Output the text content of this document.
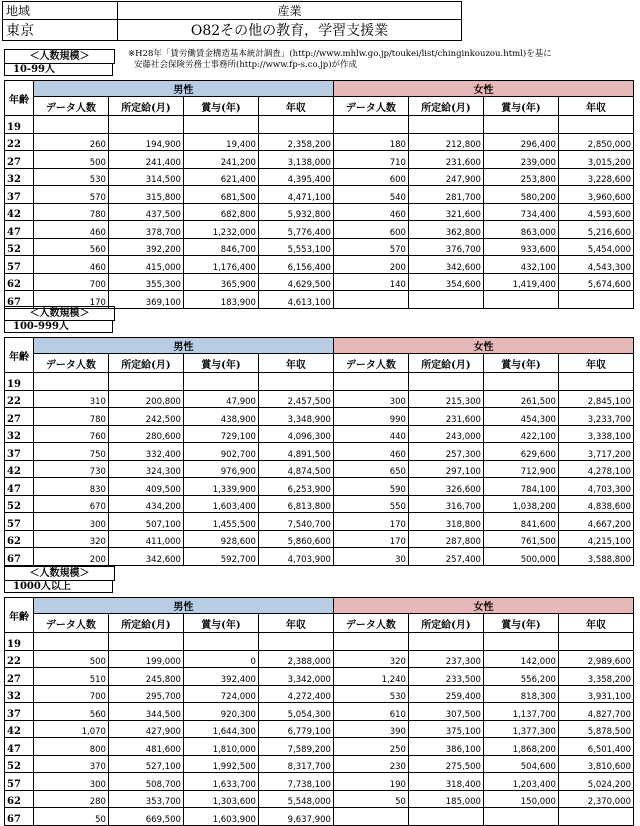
地域	産業
東京	O82その他の教育，学習支援業
※H28年「賃労働賃金構造基本統計調査」(http://www.mhlw.go.jp/toukei/list/chinginkouzou.html)を基に
安藤社会保険労務士事務所(http://www.fp-s.co.jp)が作成
＜人数規模＞
10-99人
年齢	男性				女性			
	データ人数	所定給(月)	賞与(年)	年収	データ人数	所定給(月)	賞与(年)	年収
19								
22	260	194,900	19,400	2,358,200	180	212,800	296,400	2,850,000
27	500	241,400	241,200	3,138,000	710	231,600	239,000	3,015,200
32	530	314,500	621,400	4,395,400	600	247,900	253,800	3,228,600
37	570	315,800	681,500	4,471,100	540	281,700	580,200	3,960,600
42	780	437,500	682,800	5,932,800	460	321,600	734,400	4,593,600
47	460	378,700	1,232,000	5,776,400	600	362,800	863,000	5,216,600
52	560	392,200	846,700	5,553,100	570	376,700	933,600	5,454,000
57	460	415,000	1,176,400	6,156,400	200	342,600	432,100	4,543,300
62	700	355,300	365,900	4,629,500	140	354,600	1,419,400	5,674,600
67	170	369,100	183,900	4,613,100				
＜人数規模＞
100-999人
年齢	男性				女性			
	データ人数	所定給(月)	賞与(年)	年収	データ人数	所定給(月)	賞与(年)	年収
19								
22	310	200,800	47,900	2,457,500	300	215,300	261,500	2,845,100
27	780	242,500	438,900	3,348,900	990	231,600	454,300	3,233,700
32	760	280,600	729,100	4,096,300	440	243,000	422,100	3,338,100
37	750	332,400	902,700	4,891,500	460	257,300	629,600	3,717,200
42	730	324,300	976,900	4,874,500	650	297,100	712,900	4,278,100
47	830	409,500	1,339,900	6,253,900	590	326,600	784,100	4,703,300
52	670	434,200	1,603,400	6,813,800	550	316,700	1,038,200	4,838,600
57	300	507,100	1,455,500	7,540,700	170	318,800	841,600	4,667,200
62	320	411,000	928,600	5,860,600	170	287,800	761,500	4,215,100
67	200	342,600	592,700	4,703,900	30	257,400	500,000	3,588,800
＜人数規模＞
1000人以上
年齢	男性				女性			
	データ人数	所定給(月)	賞与(年)	年収	データ人数	所定給(月)	賞与(年)	年収
19								
22	500	199,000	0	2,388,000	320	237,300	142,000	2,989,600
27	510	245,800	392,400	3,342,000	1,240	233,500	556,200	3,358,200
32	700	295,700	724,000	4,272,400	530	259,400	818,300	3,931,100
37	560	344,500	920,300	5,054,300	610	307,500	1,137,700	4,827,700
42	1,070	427,900	1,644,300	6,779,100	390	375,100	1,377,300	5,878,500
47	800	481,600	1,810,000	7,589,200	250	386,100	1,868,200	6,501,400
52	370	527,100	1,992,500	8,317,700	230	275,500	504,600	3,810,600
57	300	508,700	1,633,700	7,738,100	190	318,400	1,203,400	5,024,200
62	280	353,700	1,303,600	5,548,000	50	185,000	150,000	2,370,000
67	50	669,500	1,603,900	9,637,900				
